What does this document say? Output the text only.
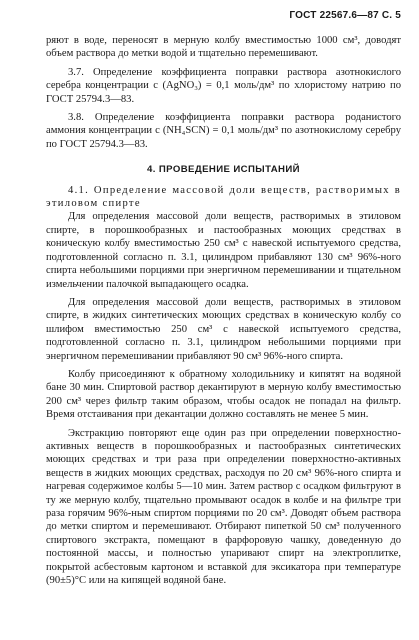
ГОСТ 22567.6—87 С. 5

ряют в воде, переносят в мерную колбу вместимостью 1000 см³, доводят объем раствора до метки водой и тщательно перемешивают.

3.7. Определение коэффициента поправки раствора азотнокислого серебра концентрации c (AgNO₃) = 0,1 моль/дм³ по хлористому натрию по ГОСТ 25794.3—83.

3.8. Определение коэффициента поправки раствора роданистого аммония концентрации c (NH₄SCN) = 0,1 моль/дм³ по азотнокислому серебру по ГОСТ 25794.3—83.

4. ПРОВЕДЕНИЕ ИСПЫТАНИЙ

4.1. Определение массовой доли веществ, растворимых в этиловом спирте

Для определения массовой доли веществ, растворимых в этиловом спирте, в порошкообразных и пастообразных моющих средствах в коническую колбу вместимостью 250 см³ с навеской испытуемого средства, подготовленной согласно п. 3.1, цилиндром прибавляют 130 см³ 96%-ного спирта небольшими порциями при энергичном перемешивании и тщательном измельчении палочкой выпадающего осадка.

Для определения массовой доли веществ, растворимых в этиловом спирте, в жидких синтетических моющих средствах в коническую колбу со шлифом вместимостью 250 см³ с навеской испытуемого средства, подготовленной согласно п. 3.1, цилиндром небольшими порциями при энергичном перемешивании прибавляют 90 см³ 96%-ного спирта.

Колбу присоединяют к обратному холодильнику и кипятят на водяной бане 30 мин. Спиртовой раствор декантируют в мерную колбу вместимостью 200 см³ через фильтр таким образом, чтобы осадок не попадал на фильтр. Время отстаивания при декантации должно составлять не менее 5 мин.

Экстракцию повторяют еще один раз при определении поверхностно-активных веществ в порошкообразных и пастообразных синтетических моющих средствах и три раза при определении поверхностно-активных веществ в жидких моющих средствах, расходуя по 20 см³ 96%-ного спирта и нагревая содержимое колбы 5—10 мин. Затем раствор с осадком фильтруют в ту же мерную колбу, тщательно промывают осадок в колбе и на фильтре три раза горячим 96%-ным спиртом порциями по 20 см³. Доводят объем раствора до метки спиртом и перемешивают. Отбирают пипеткой 50 см³ полученного спиртового экстракта, помещают в фарфоровую чашку, доведенную до постоянной массы, и полностью упаривают спирт на электроплитке, покрытой асбестовым картоном и вставкой для эксикатора при температуре (90±5)°С или на кипящей водяной бане.
